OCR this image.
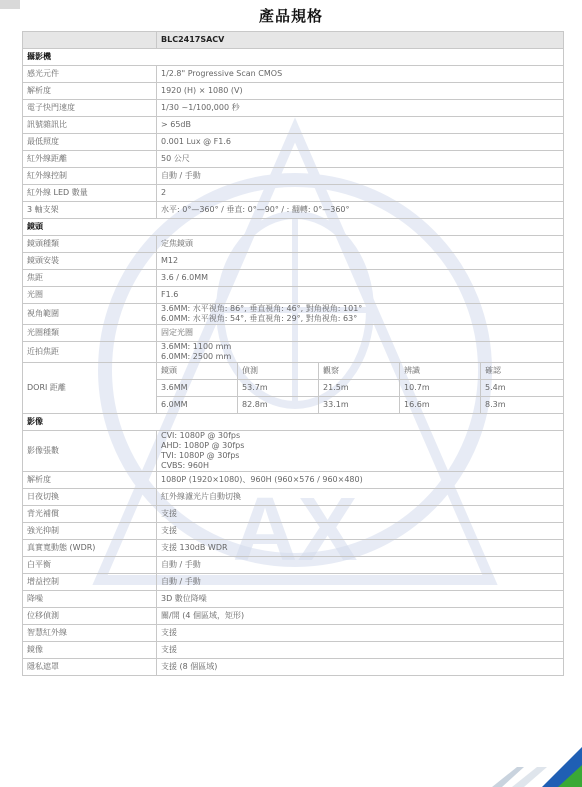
產品規格
AX
	BLC2417SACV				
攝影機					
感光元件	1/2.8" Progressive Scan CMOS				
解析度	1920 (H) × 1080 (V)				
電子快門速度	1/30 ~1/100,000 秒				
訊號雜訊比	> 65dB				
最低照度	0.001 Lux @ F1.6				
紅外線距離	50 公尺				
紅外線控制	自動 / 手動				
紅外線 LED 數量	2				
3 軸支架	水平: 0°—360° / 垂直: 0°—90° / : 翻轉: 0°—360°				
鏡頭					
鏡頭種類	定焦鏡頭				
鏡頭安裝	M12				
焦距	3.6 / 6.0MM				
光圈	F1.6				
視角範圍	3.6MM: 水平視角: 86°, 垂直視角: 46°, 對角視角: 101°
6.0MM: 水平視角: 54°, 垂直視角: 29°, 對角視角: 63°				

光圈種類	固定光圈				
近拍焦距	3.6MM: 1100 mm
6.0MM: 2500 mm				

DORI 距離	鏡頭	偵測	觀察	辨識	確認
	3.6MM	53.7m	21.5m	10.7m	5.4m
	6.0MM	82.8m	33.1m	16.6m	8.3m
影像					
影像張數	CVI: 1080P @ 30fps
AHD: 1080P @ 30fps
TVI: 1080P @ 30fps
CVBS: 960H				

解析度	1080P (1920×1080)、960H (960×576 / 960×480)				
日夜切換	紅外線濾光片自動切換				
背光補償	支援				
強光抑制	支援				
真實寬動態 (WDR)	支援 130dB WDR				
白平衡	自動 / 手動				
增益控制	自動 / 手動				
降噪	3D 數位降噪				
位移偵測	關/開 (4 個區域，矩形)				
智慧紅外線	支援				
鏡像	支援				
隱私遮罩	支援 (8 個區域)				
